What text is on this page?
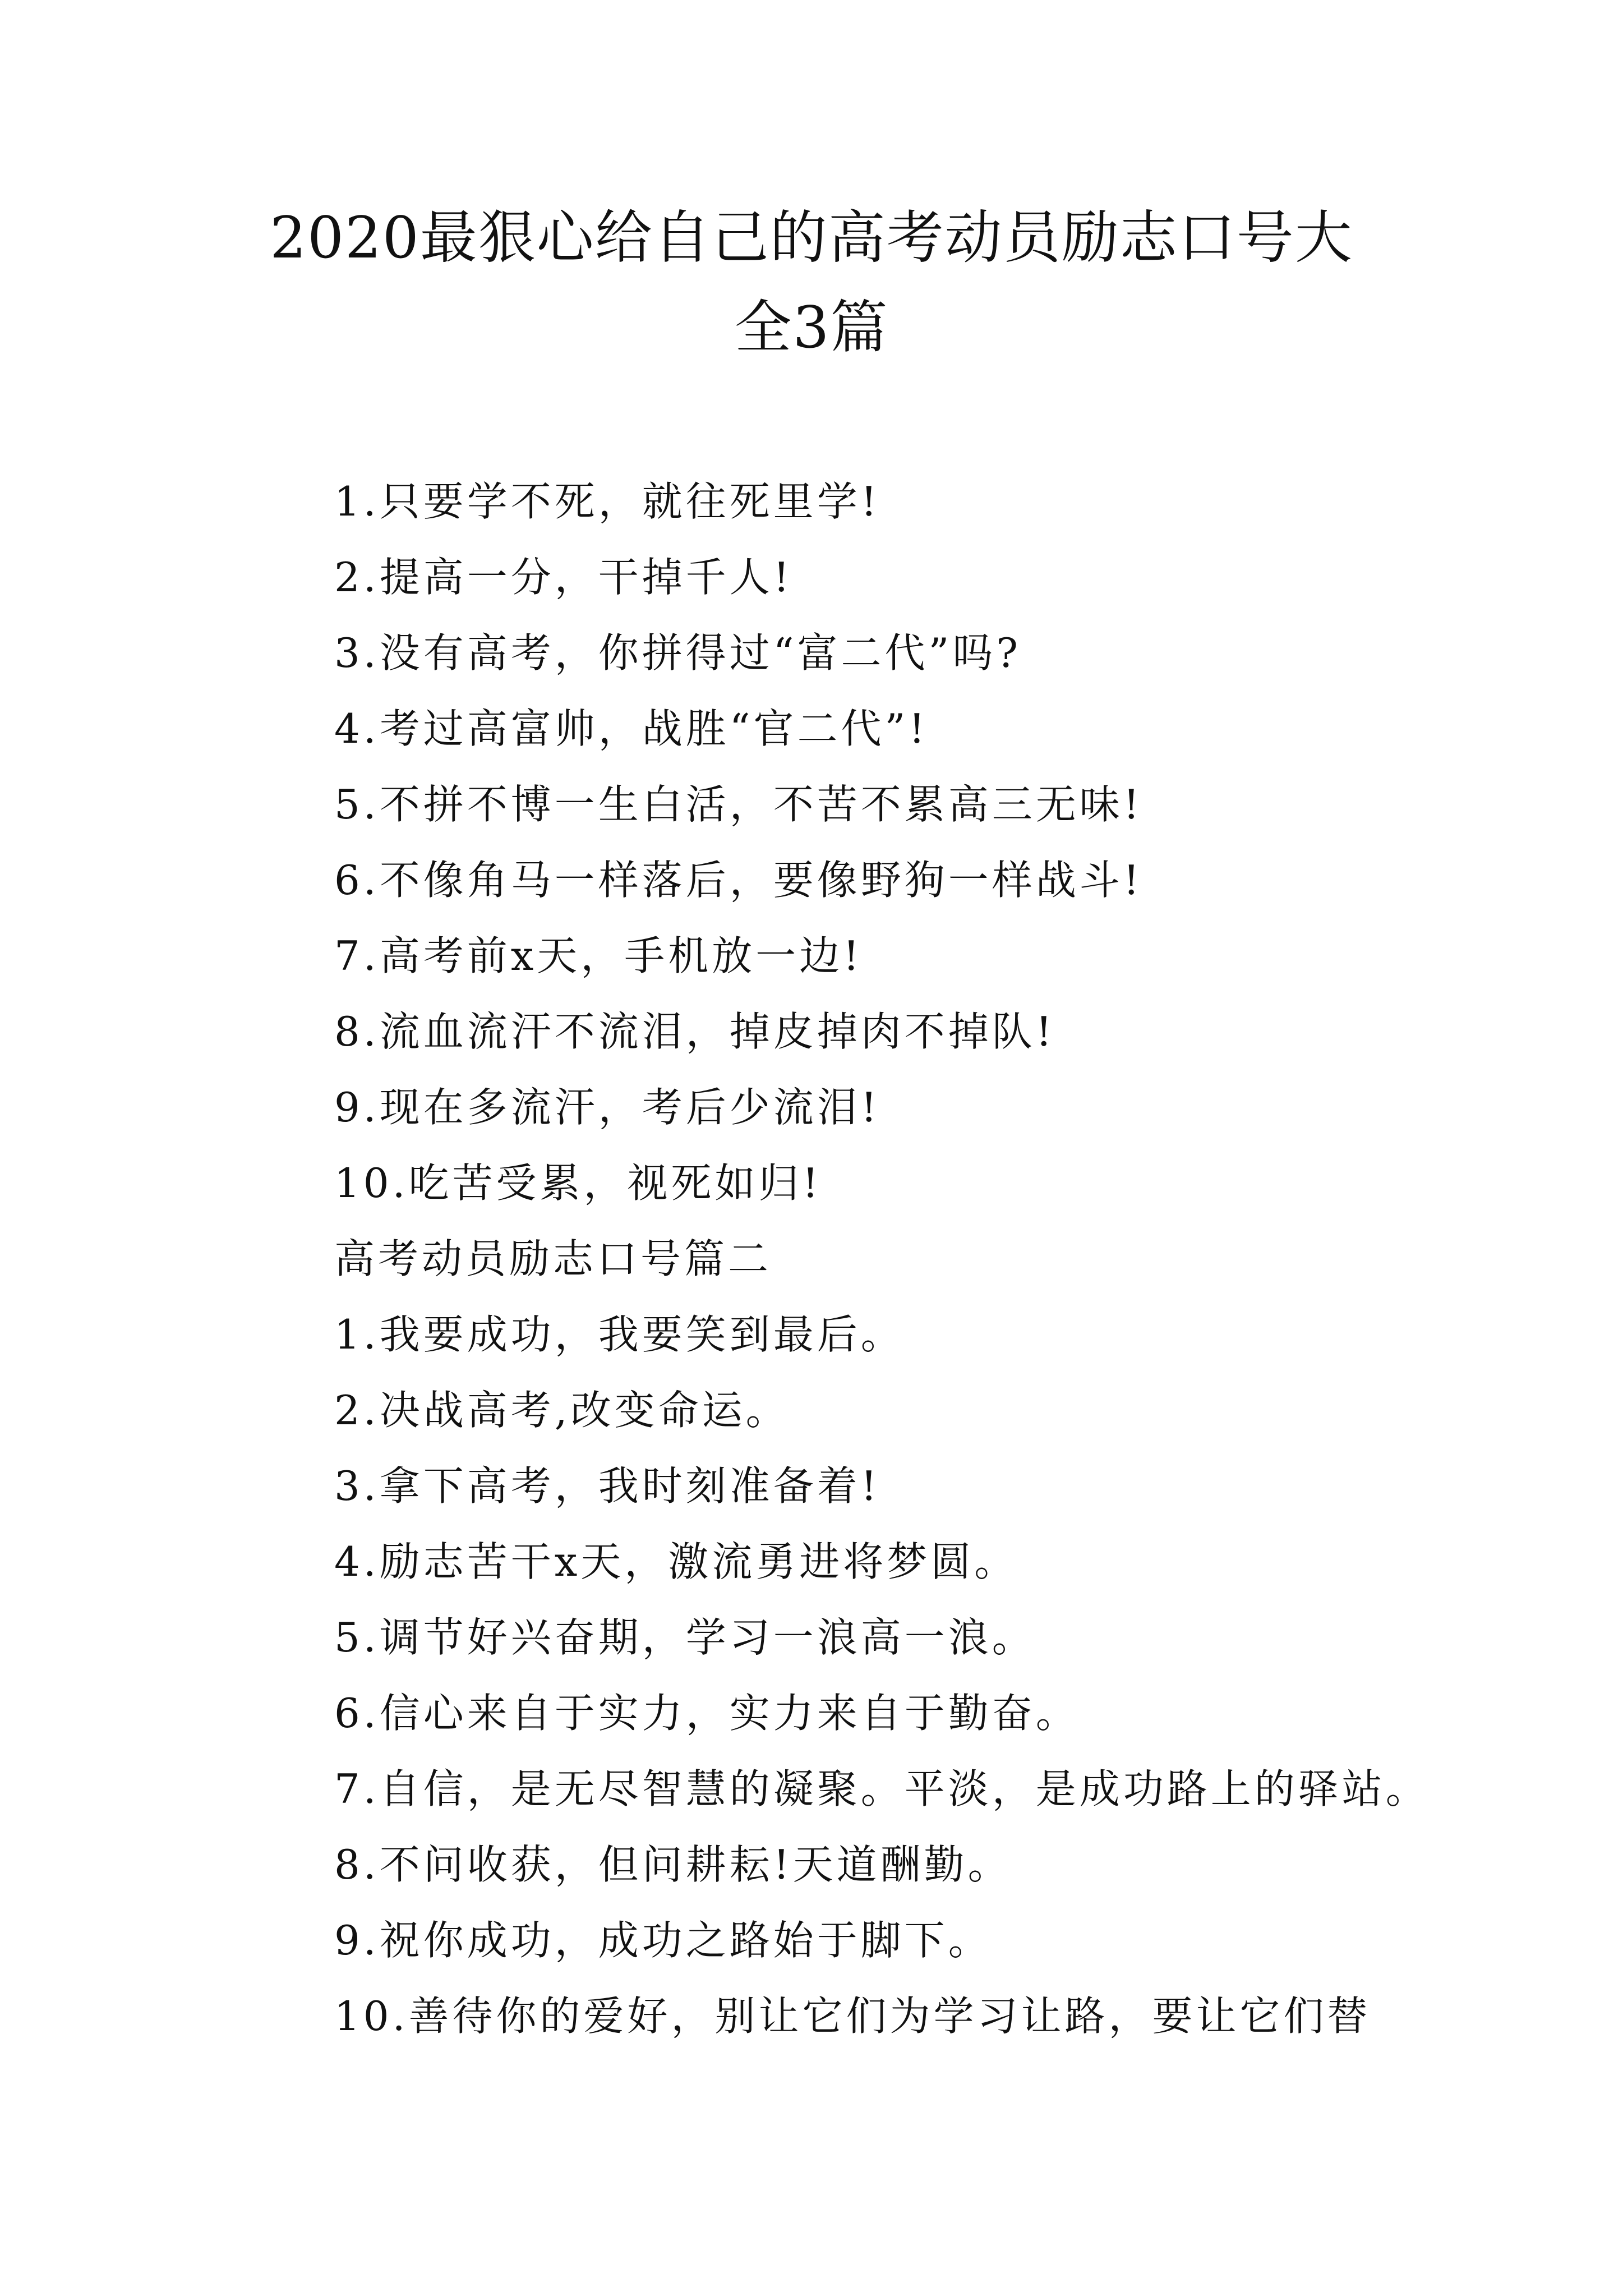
2020最狠心给自己的高考动员励志口号大
全3篇
1.只要学不死，就往死里学!
2.提高一分，干掉千人!
3.没有高考，你拼得过“富二代”吗?
4.考过高富帅，战胜“官二代”!
5.不拼不博一生白活，不苦不累高三无味!
6.不像角马一样落后，要像野狗一样战斗!
7.高考前x天，手机放一边!
8.流血流汗不流泪，掉皮掉肉不掉队!
9.现在多流汗，考后少流泪!
10.吃苦受累，视死如归!
高考动员励志口号篇二
1.我要成功，我要笑到最后。
2.决战高考,改变命运。
3.拿下高考，我时刻准备着!
4.励志苦干x天，激流勇进将梦圆。
5.调节好兴奋期，学习一浪高一浪。
6.信心来自于实力，实力来自于勤奋。
7.自信，是无尽智慧的凝聚。平淡，是成功路上的驿站。
8.不问收获，但问耕耘!天道酬勤。
9.祝你成功，成功之路始于脚下。
10.善待你的爱好，别让它们为学习让路，要让它们替
